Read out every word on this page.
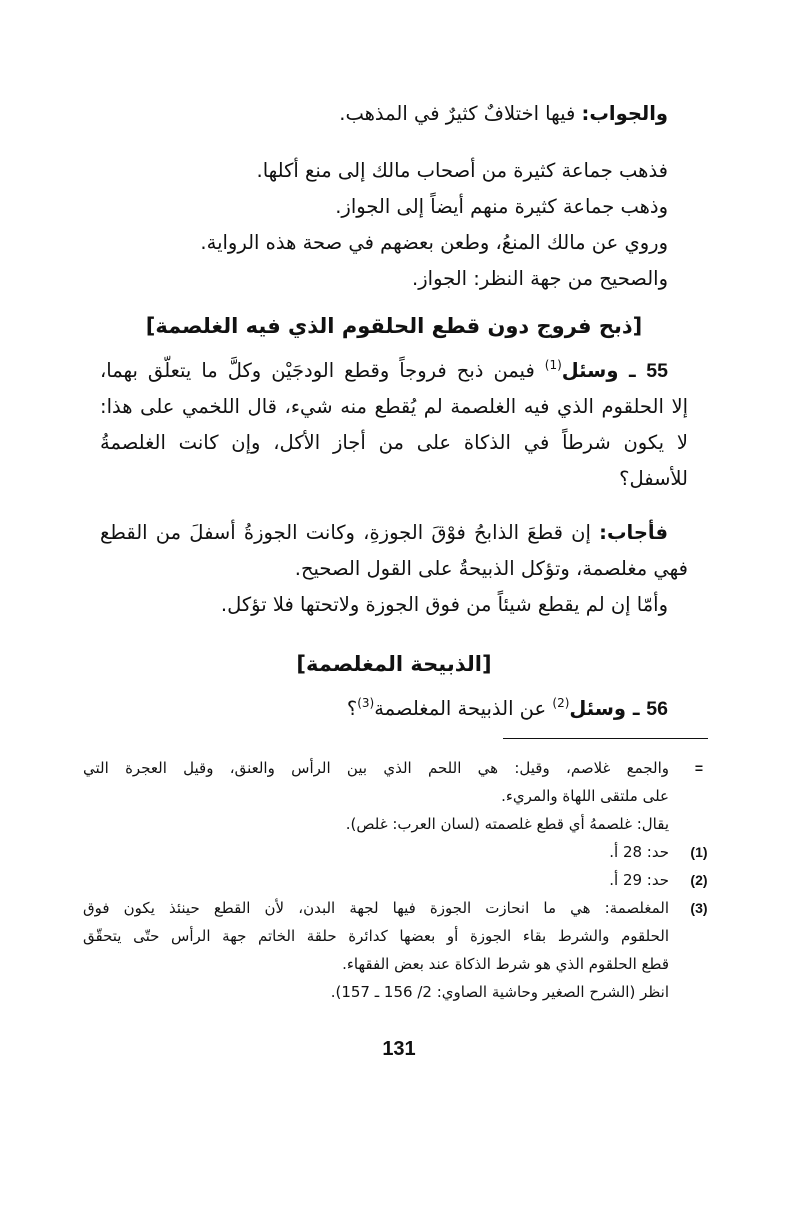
والجواب: فيها اختلافٌ كثيرٌ في المذهب.

فذهب جماعة كثيرة من أصحاب مالك إلى منع أكلها.

وذهب جماعة كثيرة منهم أيضاً إلى الجواز.

وروي عن مالك المنعُ، وطعن بعضهم في صحة هذه الرواية.

والصحيح من جهة النظر: الجواز.

[ذبح فروج دون قطع الحلقوم الذي فيه الغلصمة]

55 ـ وسئل$^{(1)}$ فيمن ذبح فروجاً وقطع الودجَيْن وكلَّ ما يتعلّق بهما،

إلا الحلقوم الذي فيه الغلصمة لم يُقطع منه شيء، قال اللخمي على هذا:

لا يكون شرطاً في الذكاة على من أجاز الأكل، وإن كانت الغلصمةُ

للأسفل؟

فأجاب: إن قطعَ الذابحُ فوْقَ الجوزةِ، وكانت الجوزةُ أسفلَ من القطع

فهي مغلصمة، وتؤكل الذبيحةُ على القول الصحيح.

وأمّا إن لم يقطع شيئاً من فوق الجوزة ولاتحتها فلا تؤكل.

[الذبيحة المغلصمة]

56 ـ وسئل$^{(2)}$ عن الذبيحة المغلصمة$^{(3)}$؟

=
والجمع غلاصم، وقيل: هي اللحم الذي بين الرأس والعنق، وقيل العجرة التي
على ملتقى اللهاة والمريء.
يقال: غلصمهُ أي قطع غلصمته (لسان العرب: غلص).
(1)
حد: 28 أ.
(2)
حد: 29 أ.
(3)
المغلصمة: هي ما انحازت الجوزة فيها لجهة البدن، لأن القطع حينئذ يكون فوق
الحلقوم والشرط بقاء الجوزة أو بعضها كدائرة حلقة الخاتم جهة الرأس حتّى يتحقّق
قطع الحلقوم الذي هو شرط الذكاة عند بعض الفقهاء.
انظر (الشرح الصغير وحاشية الصاوي: 2/ 156 ـ 157).
131
